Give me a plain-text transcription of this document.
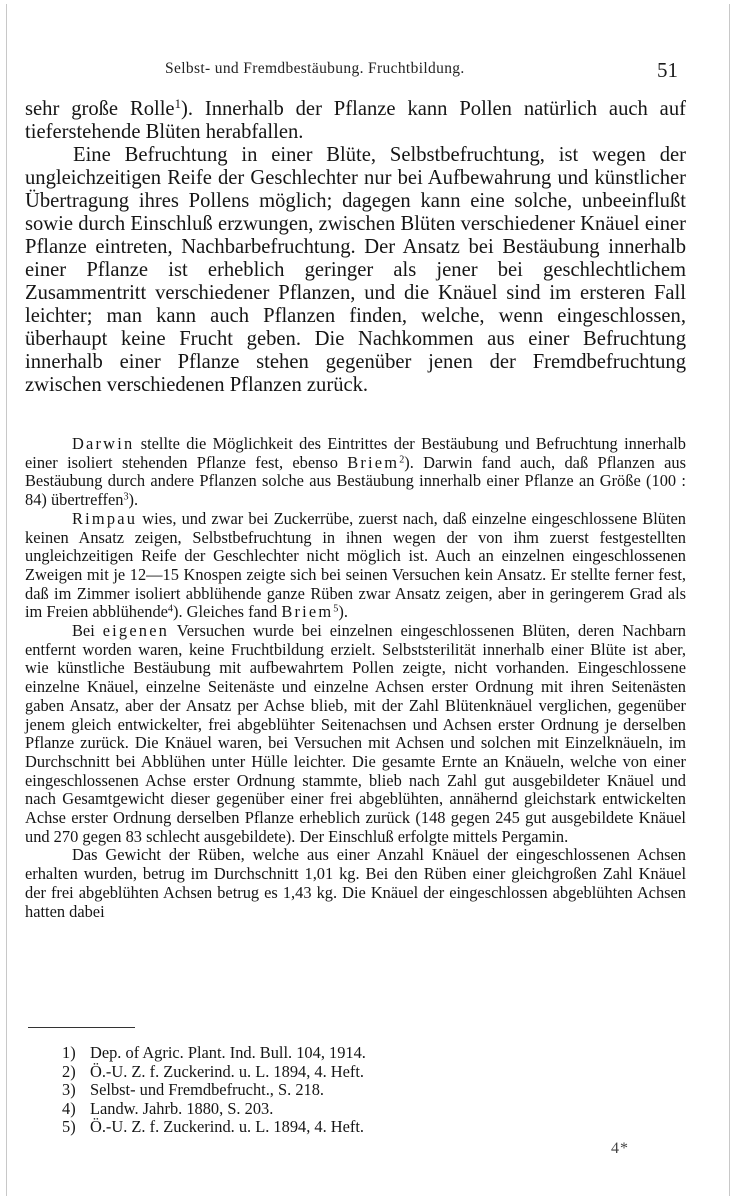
Selbst- und Fremdbestäubung. Fruchtbildung.	51

sehr große Rolle$^1$). Innerhalb der Pflanze kann Pollen natürlich auch auf tieferstehende Blüten herabfallen.

Eine Befruchtung in einer Blüte, Selbstbefruchtung, ist wegen der ungleichzeitigen Reife der Geschlechter nur bei Aufbewahrung und künstlicher Übertragung ihres Pollens möglich; dagegen kann eine solche, unbeeinflußt sowie durch Einschluß erzwungen, zwischen Blüten verschiedener Knäuel einer Pflanze eintreten, Nachbarbefruchtung. Der Ansatz bei Bestäubung innerhalb einer Pflanze ist erheblich geringer als jener bei geschlechtlichem Zusammentritt verschiedener Pflanzen, und die Knäuel sind im ersteren Fall leichter; man kann auch Pflanzen finden, welche, wenn eingeschlossen, überhaupt keine Frucht geben. Die Nachkommen aus einer Befruchtung innerhalb einer Pflanze stehen gegenüber jenen der Fremdbefruchtung zwischen verschiedenen Pflanzen zurück.

Darwin stellte die Möglichkeit des Eintrittes der Bestäubung und Befruchtung innerhalb einer isoliert stehenden Pflanze fest, ebenso Briem$^2$). Darwin fand auch, daß Pflanzen aus Bestäubung durch andere Pflanzen solche aus Bestäubung innerhalb einer Pflanze an Größe (100 : 84) übertreffen$^3$).

Rimpau wies, und zwar bei Zuckerrübe, zuerst nach, daß einzelne eingeschlossene Blüten keinen Ansatz zeigen, Selbstbefruchtung in ihnen wegen der von ihm zuerst festgestellten ungleichzeitigen Reife der Geschlechter nicht möglich ist. Auch an einzelnen eingeschlossenen Zweigen mit je 12—15 Knospen zeigte sich bei seinen Versuchen kein Ansatz. Er stellte ferner fest, daß im Zimmer isoliert abblühende ganze Rüben zwar Ansatz zeigen, aber in geringerem Grad als im Freien abblühende$^4$). Gleiches fand Briem$^5$).

Bei eigenen Versuchen wurde bei einzelnen eingeschlossenen Blüten, deren Nachbarn entfernt worden waren, keine Fruchtbildung erzielt. Selbststerilität innerhalb einer Blüte ist aber, wie künstliche Bestäubung mit aufbewahrtem Pollen zeigte, nicht vorhanden. Eingeschlossene einzelne Knäuel, einzelne Seitenäste und einzelne Achsen erster Ordnung mit ihren Seitenästen gaben Ansatz, aber der Ansatz per Achse blieb, mit der Zahl Blütenknäuel verglichen, gegenüber jenem gleich entwickelter, frei abgeblühter Seitenachsen und Achsen erster Ordnung je derselben Pflanze zurück. Die Knäuel waren, bei Versuchen mit Achsen und solchen mit Einzelknäueln, im Durchschnitt bei Abblühen unter Hülle leichter. Die gesamte Ernte an Knäueln, welche von einer eingeschlossenen Achse erster Ordnung stammte, blieb nach Zahl gut ausgebildeter Knäuel und nach Gesamtgewicht dieser gegenüber einer frei abgeblühten, annähernd gleichstark entwickelten Achse erster Ordnung derselben Pflanze erheblich zurück (148 gegen 245 gut ausgebildete Knäuel und 270 gegen 83 schlecht ausgebildete). Der Einschluß erfolgte mittels Pergamin.

Das Gewicht der Rüben, welche aus einer Anzahl Knäuel der eingeschlossenen Achsen erhalten wurden, betrug im Durchschnitt 1,01 kg. Bei den Rüben einer gleichgroßen Zahl Knäuel der frei abgeblühten Achsen betrug es 1,43 kg. Die Knäuel der eingeschlossen abgeblühten Achsen hatten dabei

1) Dep. of Agric. Plant. Ind. Bull. 104, 1914.
2) Ö.-U. Z. f. Zuckerind. u. L. 1894, 4. Heft.
3) Selbst- und Fremdbefrucht., S. 218.
4) Landw. Jahrb. 1880, S. 203.
5) Ö.-U. Z. f. Zuckerind. u. L. 1894, 4. Heft.
4*
